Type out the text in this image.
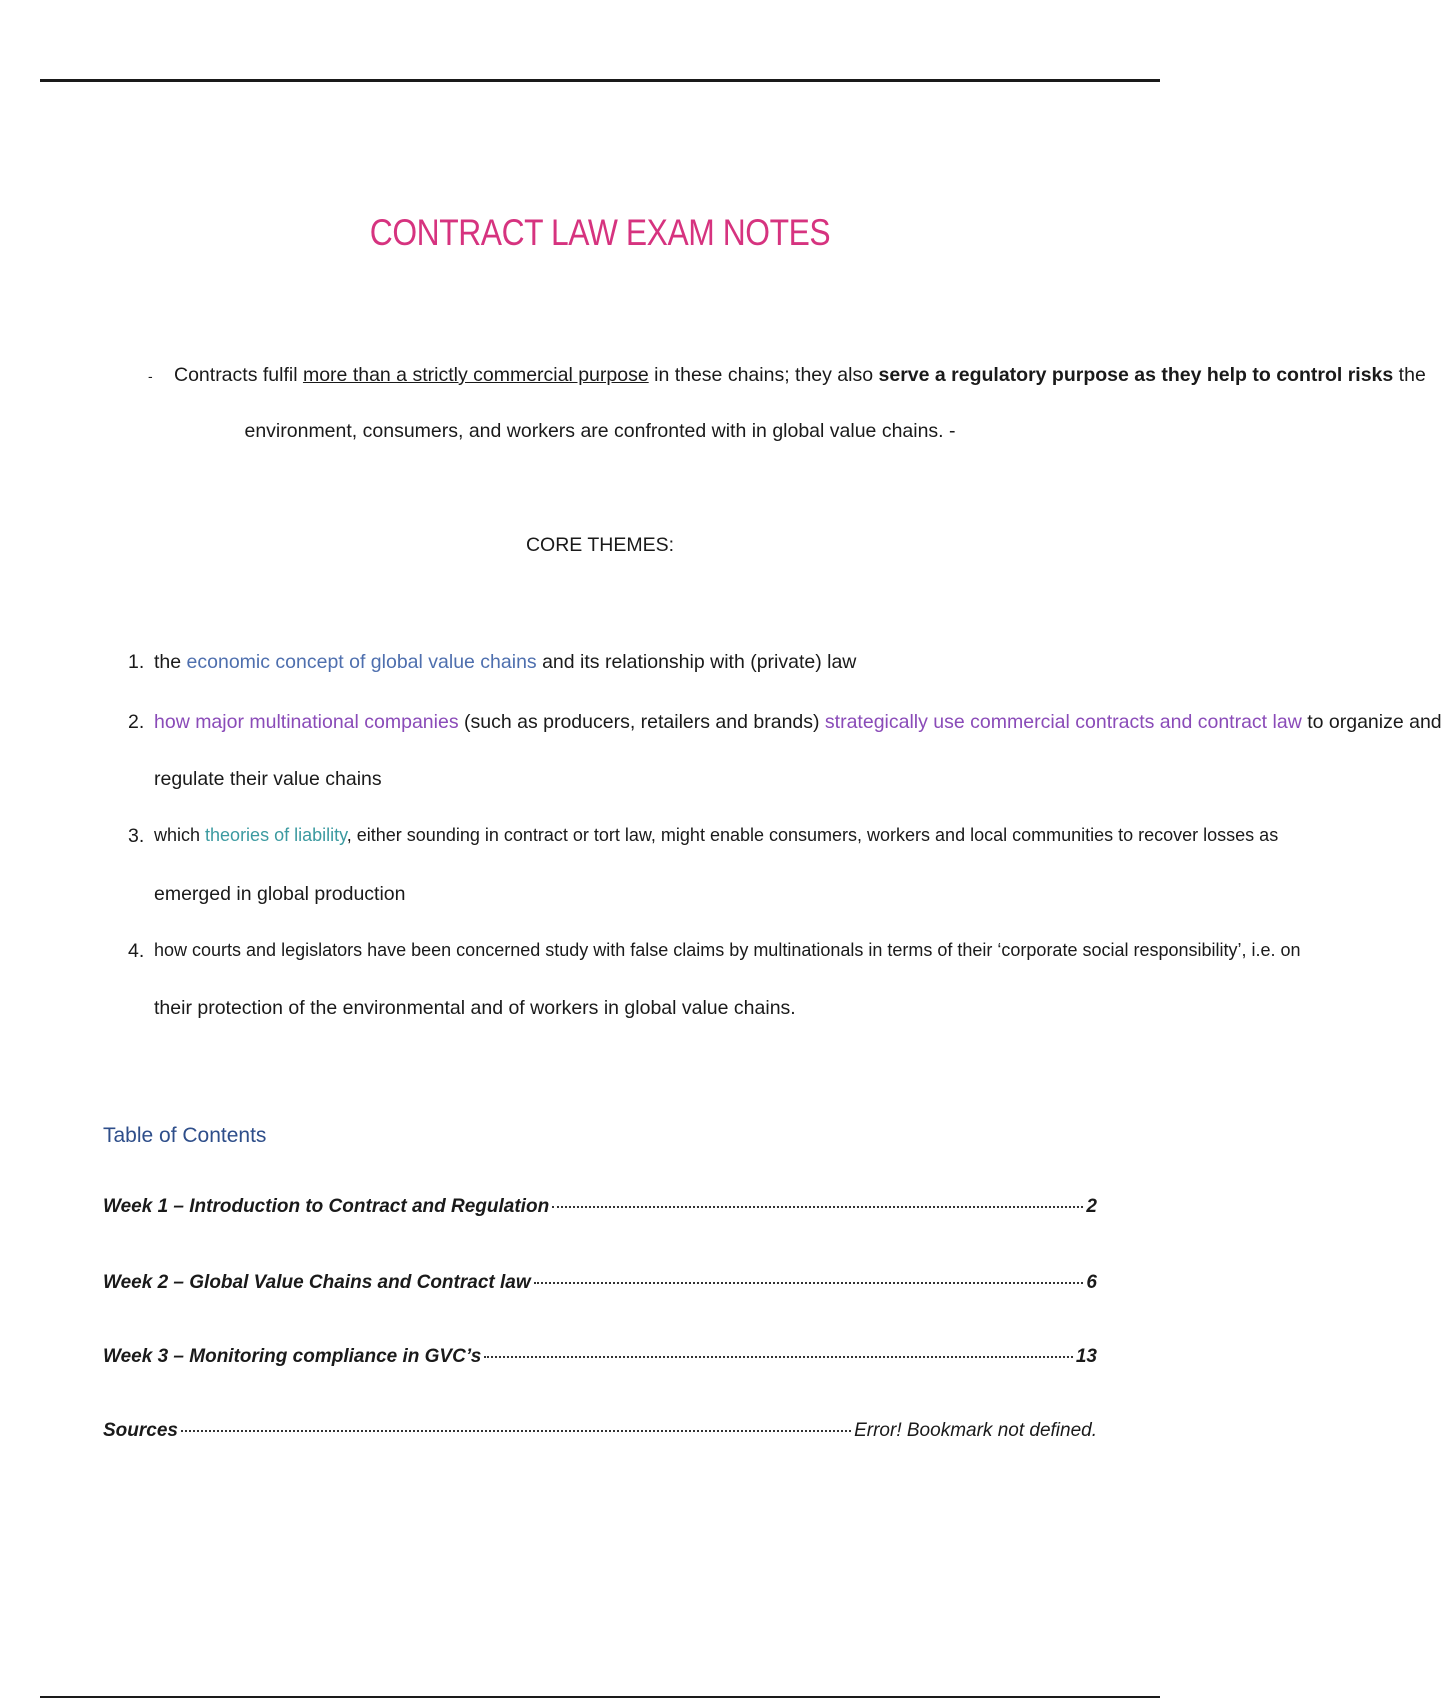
CONTRACT LAW EXAM NOTES
- Contracts fulfil more than a strictly commercial purpose in these chains; they also serve a regulatory purpose as they help to control risks the
environment, consumers, and workers are confronted with in global value chains. -
CORE THEMES:
1. the economic concept of global value chains and its relationship with (private) law
2. how major multinational companies (such as producers, retailers and brands) strategically use commercial contracts and contract law to organize and
regulate their value chains
3. which theories of liability, either sounding in contract or tort law, might enable consumers, workers and local communities to recover losses as
emerged in global production
4. how courts and legislators have been concerned study with false claims by multinationals in terms of their ‘corporate social responsibility’, i.e. on
their protection of the environmental and of workers in global value chains.
Table of Contents
Week 1 – Introduction to Contract and Regulation	2
Week 2 – Global Value Chains and Contract law	6
Week 3 – Monitoring compliance in GVC’s	13
Sources	Error! Bookmark not defined.
